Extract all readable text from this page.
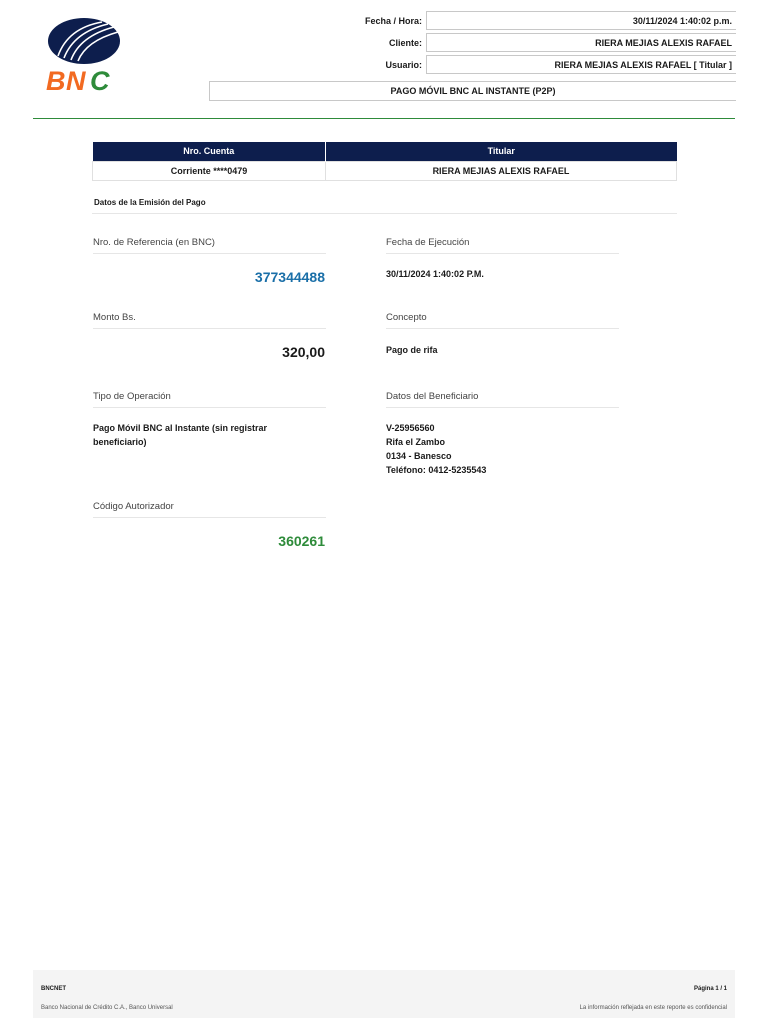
B N C
Fecha / Hora:	30/11/2024 1:40:02 p.m.
Cliente:	RIERA MEJIAS ALEXIS RAFAEL
Usuario:	RIERA MEJIAS ALEXIS RAFAEL [ Titular ]
PAGO MÓVIL BNC AL INSTANTE (P2P)
Nro. Cuenta	Titular
Corriente ****0479	RIERA MEJIAS ALEXIS RAFAEL
Datos de la Emisión del Pago
Nro. de Referencia (en BNC)
377344488
Fecha de Ejecución
30/11/2024 1:40:02 P.M.
Monto Bs.
320,00
Concepto
Pago de rifa
Tipo de Operación
Pago Móvil BNC al Instante (sin registrar
beneficiario)
Datos del Beneficiario
V-25956560
Rifa el Zambo
0134 - Banesco
Teléfono: 0412-5235543
Código Autorizador
360261
BNCNET	Página 1 / 1
Banco Nacional de Crédito C.A., Banco Universal	La información reflejada en este reporte es confidencial
